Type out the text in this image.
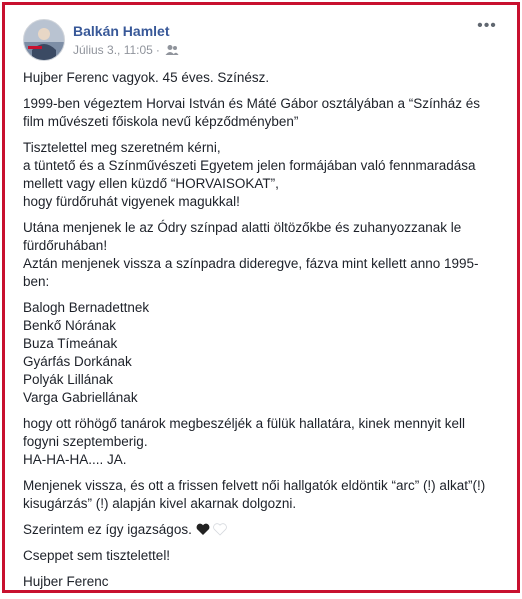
Balkán Hamlet
Július 3., 11:05 ·
•••

Hujber Ferenc vagyok. 45 éves. Színész.

1999-ben végeztem Horvai István és Máté Gábor osztályában a “Színház és film művészeti főiskola nevű képződményben”

Tisztelettel meg szeretném kérni,
a tüntető és a Színművészeti Egyetem jelen formájában való fennmaradása mellett vagy ellen küzdő “HORVAISOKAT”,
hogy fürdőruhát vigyenek magukkal!

Utána menjenek le az Ódry színpad alatti öltözőkbe és zuhanyozzanak le fürdőruhában!
Aztán menjenek vissza a színpadra dideregve, fázva mint kellett anno 1995-ben:

Balogh Bernadettnek
Benkő Nórának
Buza Tímeának
Gyárfás Dorkának
Polyák Lillának
Varga Gabriellának

hogy ott röhögő tanárok megbeszéljék a fülük hallatára, kinek mennyit kell fogyni szeptemberig.
HA-HA-HA.... JA.

Menjenek vissza, és ott a frissen felvett női hallgatók eldöntik “arc” (!) alkat”(!) kisugárzás” (!) alapján kivel akarnak dolgozni.

Szerintem ez így igazságos.

Cseppet sem tisztelettel!

Hujber Ferenc
